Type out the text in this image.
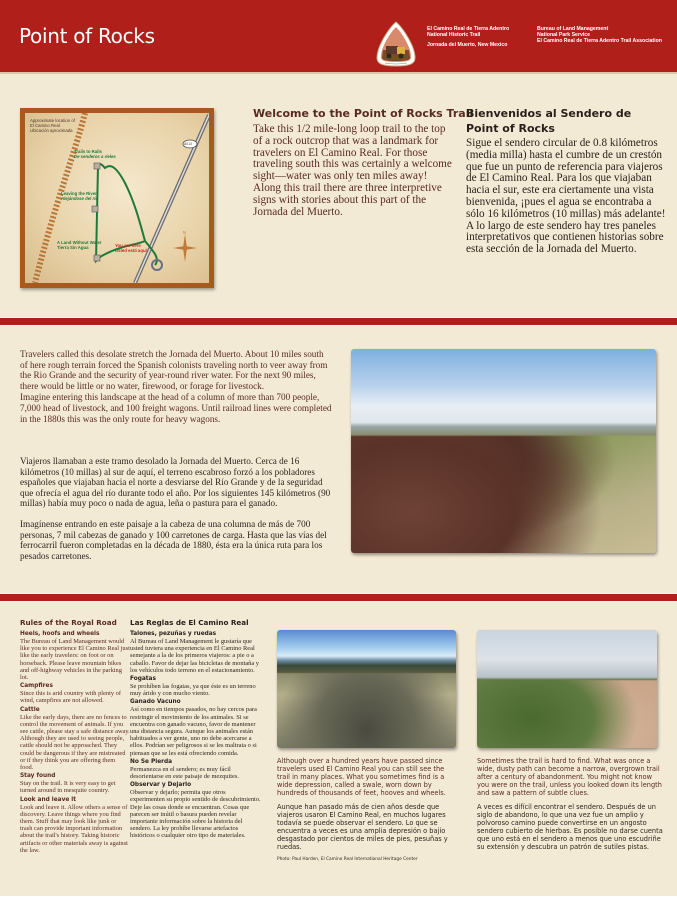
Point of Rocks	El Camino Real de Tierra Adentro
National Historic Trail
Jornada del Muerto, New Mexico
Bureau of Land Management
National Park Service
El Camino Real de Tierra Adentro Trail Association
Approximate location of
El Camino Real
Ubicación aproximada
Trails to Rails
De senderos a rieles
Leaving the River
Alejándose del río
A Land Without Water
Tierra Sin Agua	You are here
Usted está aquí
A013
N
Welcome to the Point of Rocks Trail
Take this 1/2 mile-long loop trail to the top of a rock outcrop that was a landmark for travelers on El Camino Real. For those traveling south this was certainly a welcome sight—water was only ten miles away! Along this trail there are three interpretive signs with stories about this part of the Jornada del Muerto.
Bienvenidos al Sendero de Point of Rocks
Sigue el sendero circular de 0.8 kilómetros (media milla) hasta el cumbre de un crestón que fue un punto de referencia para viajeros de El Camino Real. Para los que viajaban hacia el sur, este era ciertamente una vista bienvenida, ¡pues el agua se encontraba a sólo 16 kilómetros (10 millas) más adelante! A lo largo de este sendero hay tres paneles interpretativos que contienen historias sobre esta sección de la Jornada del Muerto.

Travelers called this desolate stretch the Jornada del Muerto. About 10 miles south of here rough terrain forced the Spanish colonists traveling north to veer away from the Rio Grande and the security of year-round river water. For the next 90 miles, there would be little or no water, firewood, or forage for livestock.

Imagine entering this landscape at the head of a column of more than 700 people, 7,000 head of livestock, and 100 freight wagons. Until railroad lines were completed in the 1880s this was the only route for heavy wagons.

Viajeros llamaban a este tramo desolado la Jornada del Muerto. Cerca de 16 kilómetros (10 millas) al sur de aquí, el terreno escabroso forzó a los pobladores españoles que viajaban hacia el norte a desviarse del Río Grande y de la seguridad que ofrecía el agua del río durante todo el año. Por los siguientes 145 kilómetros (90 millas) había muy poco o nada de agua, leña o pastura para el ganado.

Imagínense entrando en este paisaje a la cabeza de una columna de más de 700 personas, 7 mil cabezas de ganado y 100 carretones de carga. Hasta que las vías del ferrocarril fueron completadas en la década de 1880, ésta era la única ruta para los pesados carretones.

Rules of the Royal Road
Heels, hoofs and wheels

The Bureau of Land Management would like you to experience El Camino Real just like the early travelers: on foot or on horseback. Please leave mountain bikes and off-highway vehicles in the parking lot.

Campfires

Since this is arid country with plenty of wind, campfires are not allowed.

Cattle

Like the early days, there are no fences to control the movement of animals. If you see cattle, please stay a safe distance away. Although they are used to seeing people, cattle should not be approached. They could be dangerous if they are mistreated or if they think you are offering them food.

Stay found

Stay on the trail. It is very easy to get turned around in mesquite country.

Look and leave it

Look and leave it. Allow others a sense of discovery. Leave things where you find them. Stuff that may look like junk or trash can provide important information about the trail's history. Taking historic artifacts or other materials away is against the law.

Las Reglas de El Camino Real
Talones, pezuñas y ruedas

Al Bureau of Land Management le gustaría que usted tuviera una experiencia en El Camino Real semejante a la de los primeros viajeros: a pie o a caballo. Favor de dejar las bicicletas de montaña y los vehículos todo terreno en el estacionamiento.

Fogatas

Se prohíben las fogatas, ya que éste es un terreno muy árido y con mucho viento.

Ganado Vacuno

Así como en tiempos pasados, no hay cercos para restringir el movimiento de los animales. Si se encuentra con ganado vacuno, favor de mantener una distancia segura. Aunque los animales están habituados a ver gente, uno no debe acercarse a ellos. Podrían ser peligrosos si se les maltrata o si piensan que se les está ofreciendo comida.

No Se Pierda

Permanezca en el sendero; es muy fácil desorientarse en este paisaje de mezquites.

Observar y Dejarlo

Observar y dejarlo; permita que otros experimenten su propio sentido de descubrimiento. Deje las cosas donde se encuentran. Cosas que parecen ser inútil o basura pueden revelar importante información sobre la historia del sendero. La ley prohíbe llevarse artefactos históricos o cualquier otro tipo de materiales.

Although over a hundred years have passed since travelers used El Camino Real you can still see the trail in many places. What you sometimes find is a wide depression, called a swale, worn down by hundreds of thousands of feet, hooves and wheels.
Aunque han pasado más de cien años desde que viajeros usaron El Camino Real, en muchos lugares todavía se puede observar el sendero. Lo que se encuentra a veces es una amplia depresión o bajío desgastado por cientos de miles de pies, pesuñas y ruedas.
Photo: Paul Harden, El Camino Real International Heritage Center
Sometimes the trail is hard to find. What was once a wide, dusty path can become a narrow, overgrown trail after a century of abandonment. You might not know you were on the trail, unless you looked down its length and saw a pattern of subtle clues.
A veces es difícil encontrar el sendero. Después de un siglo de abandono, lo que una vez fue un amplio y polvoroso camino puede convertirse en un angosto sendero cubierto de hierbas. Es posible no darse cuenta que uno está en el sendero a menos que uno escudriñe su extensión y descubra un patrón de sutiles pistas.
